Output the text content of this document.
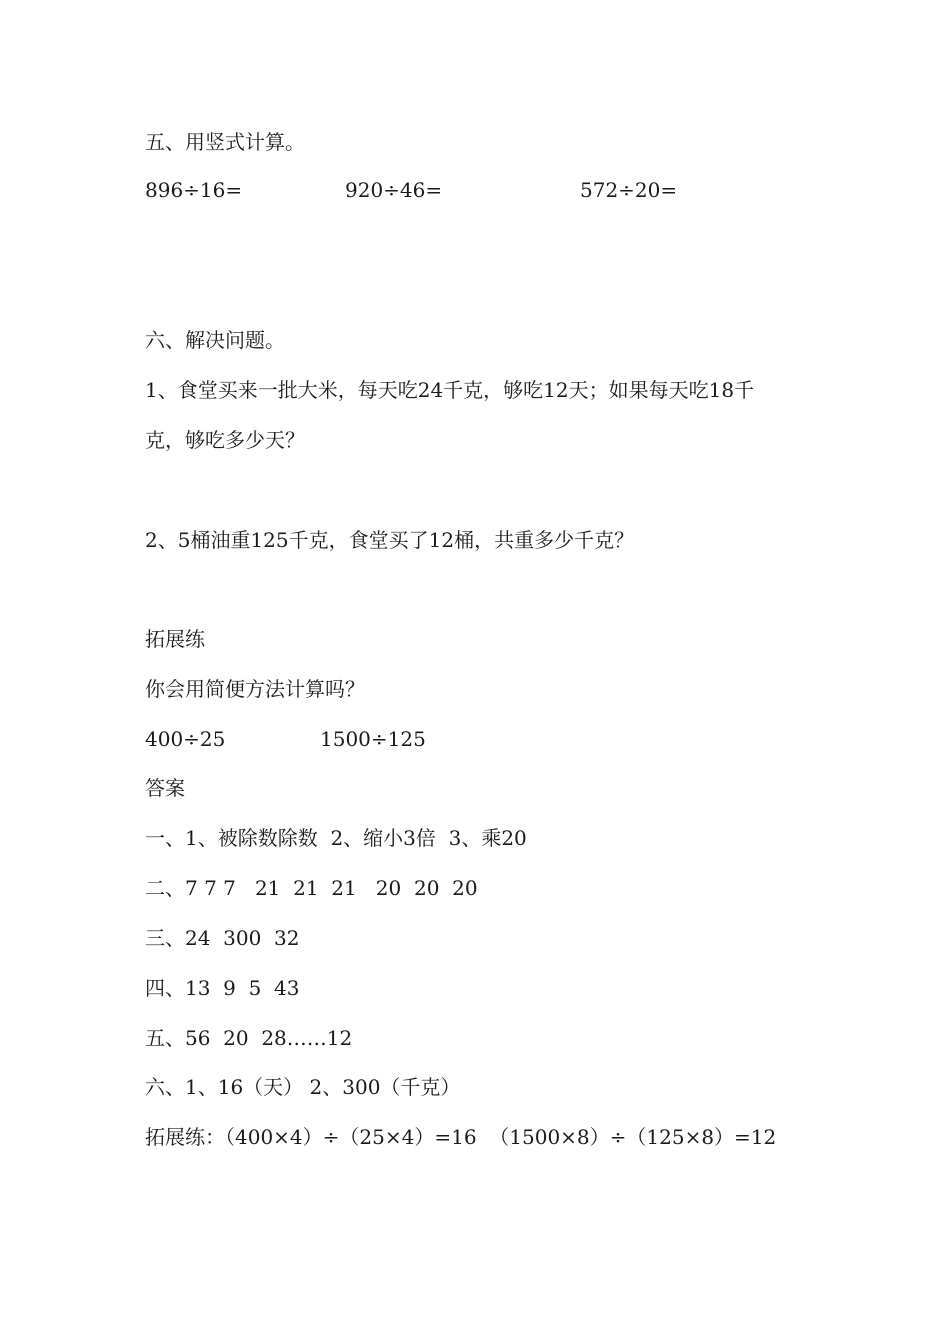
五、用竖式计算。
896÷16=	920÷46=	572÷20=
六、解决问题。
1、食堂买来一批大米，每天吃24千克，够吃12天；如果每天吃18千
克，够吃多少天？
2、5桶油重125千克，食堂买了12桶，共重多少千克？
拓展练
你会用简便方法计算吗？
400÷25	1500÷125
答案
一、1、被除数除数  2、缩小3倍  3、乘20
二、7 7 7   21  21  21   20  20  20
三、24  300  32
四、13  9  5  43
五、56  20  28……12
六、1、16（天） 2、300（千克）
拓展练：（400×4）÷（25×4）=16  （1500×8）÷（125×8）=12
